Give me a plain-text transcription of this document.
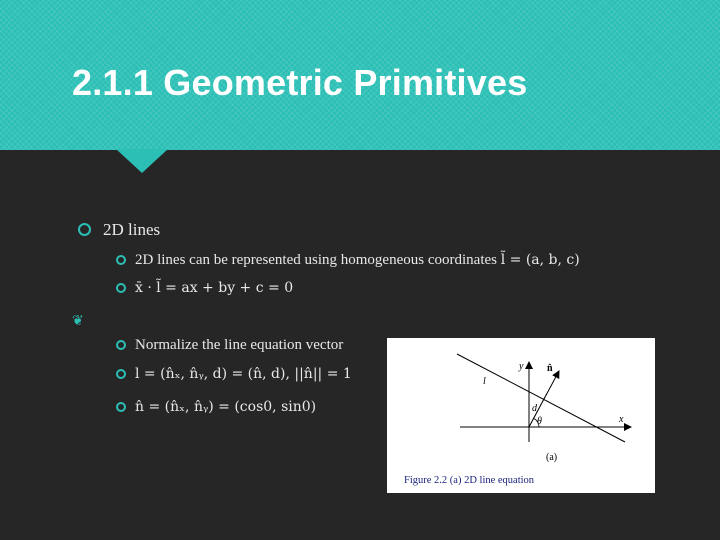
2.1.1 Geometric Primitives
2D lines
2D lines can be represented using homogeneous coordinates l̃ = (a, b, c)
x̄ · l̃ = ax + by + c = 0
❦
Normalize the line equation vector
l = (n̂ₓ, n̂ᵧ, d) = (n̂, d), ||n̂|| = 1
n̂ = (n̂ₓ, n̂ᵧ) = (cos0, sin0)
y n̂
l
d
θ	x
(a)
Figure 2.2 (a) 2D line equation
